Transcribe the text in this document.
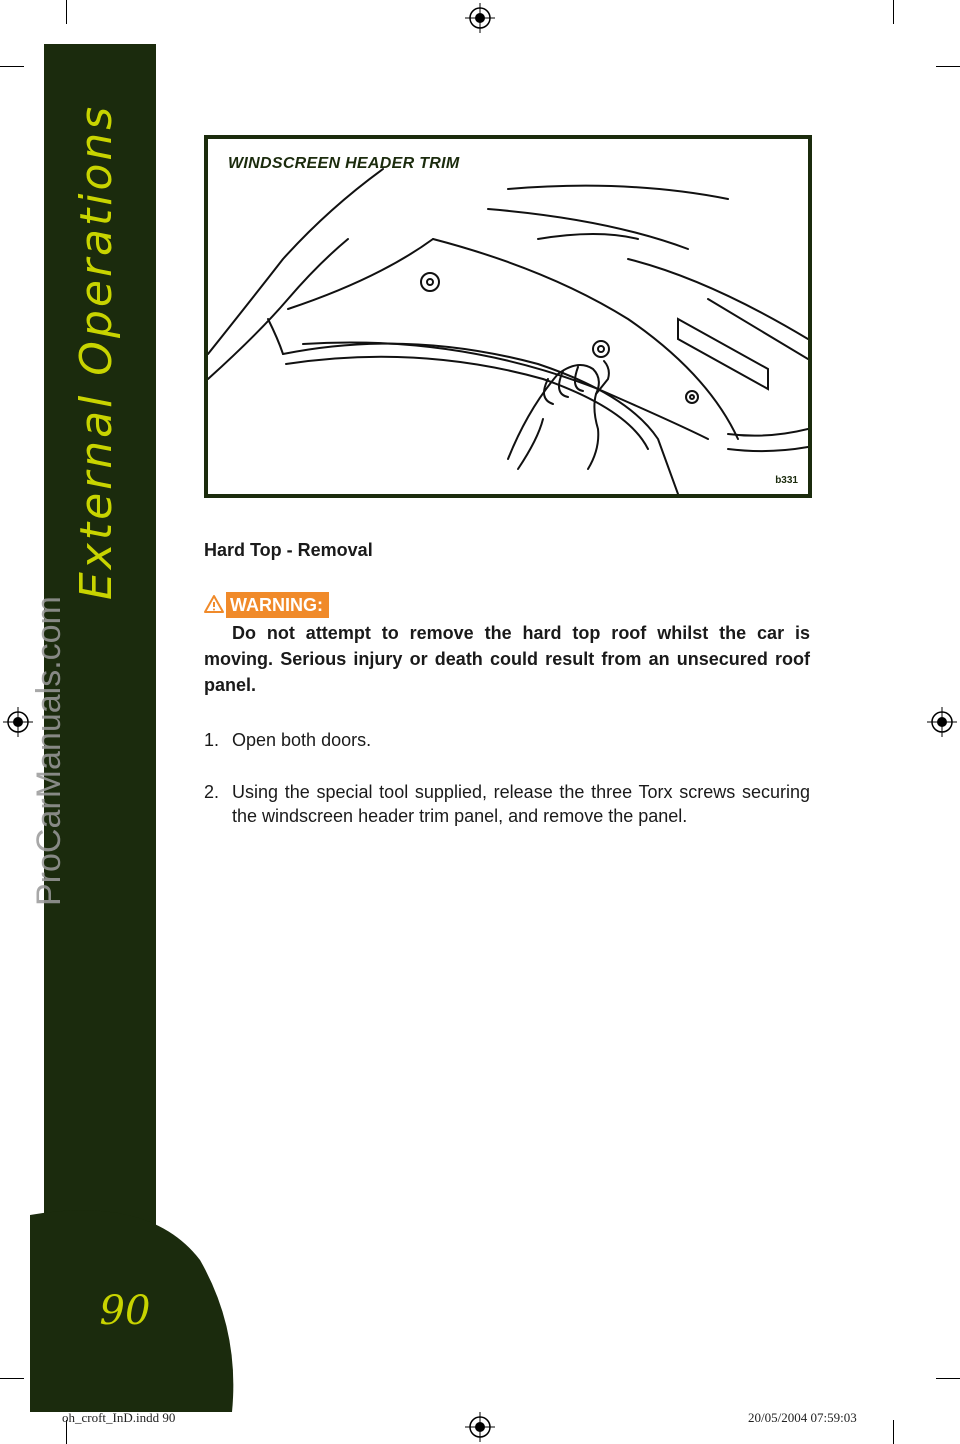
External Operations
90
ProCarManuals.com
WINDSCREEN HEADER TRIM
b331
Hard Top - Removal
WARNING:
Do not attempt to remove the hard top roof whilst the car is moving. Serious injury or death could result from an unsecured roof panel.
1. Open both doors.
2. Using the special tool supplied, release the three Torx screws securing the windscreen header trim panel, and remove the panel.
oh_croft_InD.indd 90	20/05/2004 07:59:03
